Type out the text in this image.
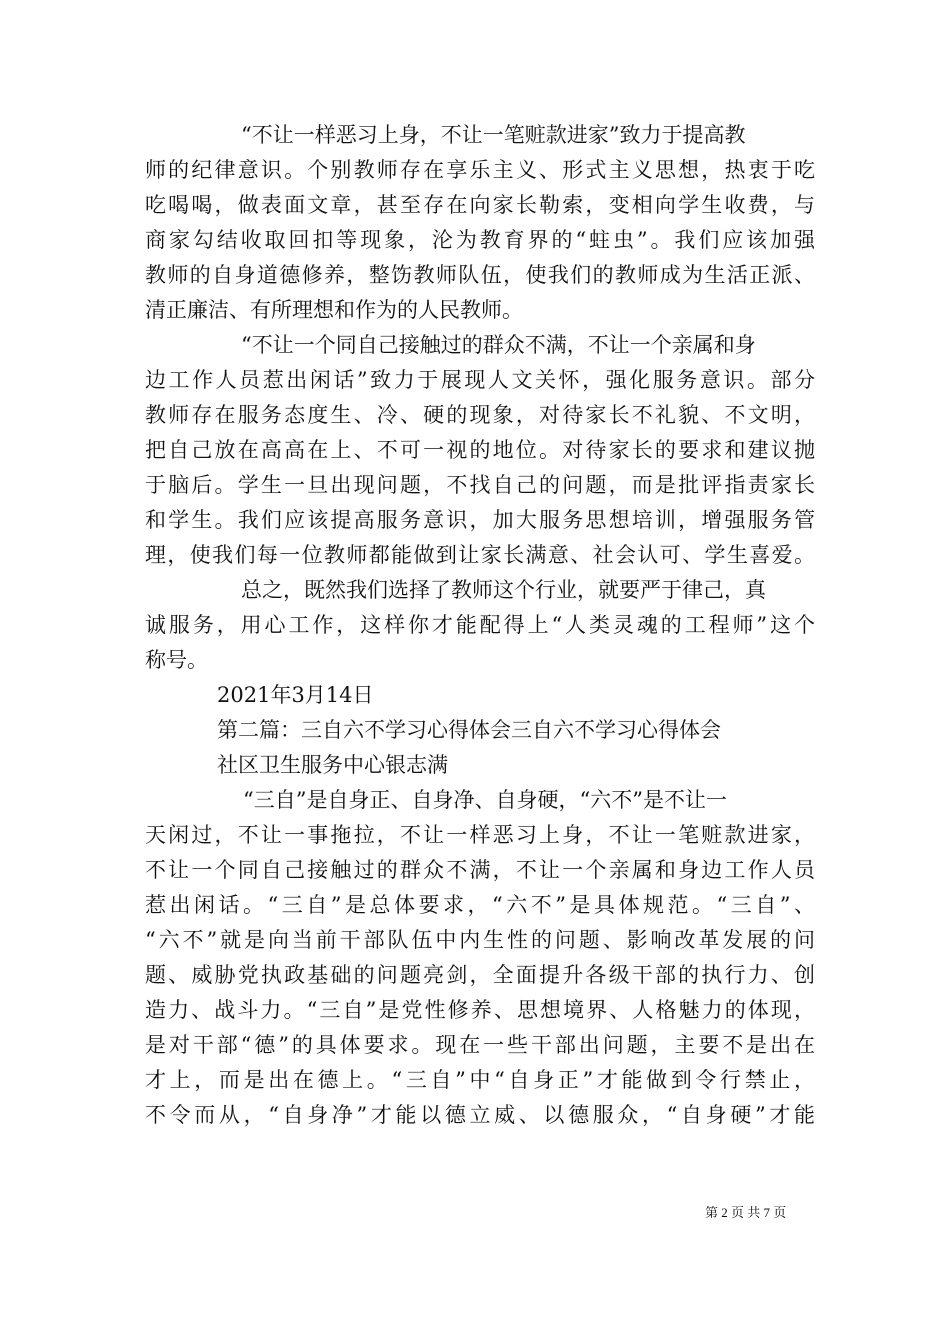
“不让一样恶习上身，不让一笔赃款进家”致力于提高教
师的纪律意识。个别教师存在享乐主义、形式主义思想，热衷于吃
吃喝喝，做表面文章，甚至存在向家长勒索，变相向学生收费，与
商家勾结收取回扣等现象，沦为教育界的“蛀虫”。我们应该加强
教师的自身道德修养，整饬教师队伍，使我们的教师成为生活正派、
清正廉洁、有所理想和作为的人民教师。
“不让一个同自己接触过的群众不满，不让一个亲属和身
边工作人员惹出闲话”致力于展现人文关怀，强化服务意识。部分
教师存在服务态度生、冷、硬的现象，对待家长不礼貌、不文明，
把自己放在高高在上、不可一视的地位。对待家长的要求和建议抛
于脑后。学生一旦出现问题，不找自己的问题，而是批评指责家长
和学生。我们应该提高服务意识，加大服务思想培训，增强服务管
理，使我们每一位教师都能做到让家长满意、社会认可、学生喜爱。
总之，既然我们选择了教师这个行业，就要严于律己，真
诚服务，用心工作，这样你才能配得上“人类灵魂的工程师”这个
称号。
2021年3月14日
第二篇：三自六不学习心得体会三自六不学习心得体会
社区卫生服务中心银志满
“三自”是自身正、自身净、自身硬，“六不”是不让一
天闲过，不让一事拖拉，不让一样恶习上身，不让一笔赃款进家，
不让一个同自己接触过的群众不满，不让一个亲属和身边工作人员
惹出闲话。“三自”是总体要求，“六不”是具体规范。“三自”、
“六不”就是向当前干部队伍中内生性的问题、影响改革发展的问
题、威胁党执政基础的问题亮剑，全面提升各级干部的执行力、创
造力、战斗力。“三自”是党性修养、思想境界、人格魅力的体现，
是对干部“德”的具体要求。现在一些干部出问题，主要不是出在
才上，而是出在德上。“三自”中“自身正”才能做到令行禁止，
不令而从，“自身净”才能以德立威、以德服众，“自身硬”才能
第 2 页 共 7 页
